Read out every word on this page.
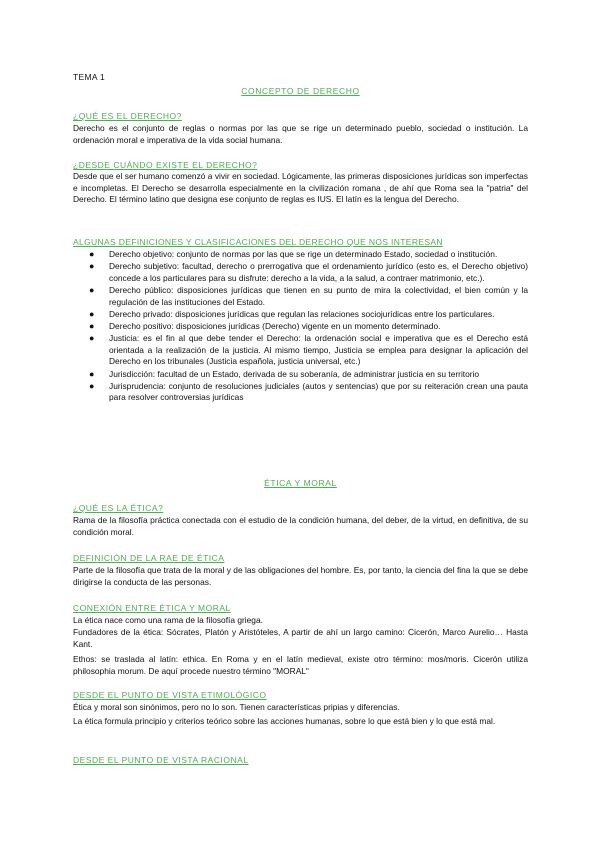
TEMA 1
CONCEPTO DE DERECHO
¿QUÉ ES EL DERECHO?

Derecho es el conjunto de reglas o normas por las que se rige un determinado pueblo, sociedad o institución. La ordenación moral e imperativa de la vida social humana.

¿DESDE CUÁNDO EXISTE EL DERECHO?

Desde que el ser humano comenzó a vivir en sociedad. Lógicamente, las primeras disposiciones jurídicas son imperfectas e incompletas. El Derecho se desarrolla especialmente en la civilización romana , de ahí que Roma sea la "patria" del Derecho. El término latino que designa ese conjunto de reglas es IUS. El latín es la lengua del Derecho.

ALGUNAS DEFINICIONES Y CLASIFICACIONES DEL DERECHO QUE NOS INTERESAN
● Derecho objetivo: conjunto de normas por las que se rige un determinado Estado, sociedad o institución.
● Derecho subjetivo: facultad, derecho o prerrogativa que el ordenamiento jurídico (esto es, el Derecho objetivo) concede a los particulares para su disfrute: derecho a la vida, a la salud, a contraer matrimonio, etc.).
● Derecho público: disposiciones jurídicas que tienen en su punto de mira la colectividad, el bien común y la regulación de las instituciones del Estado.
● Derecho privado: disposiciones jurídicas que regulan las relaciones sociojurídicas entre los particulares.
● Derecho positivo: disposiciones jurídicas (Derecho) vigente en un momento determinado.
● Justicia: es el fin al que debe tender el Derecho: la ordenación social e imperativa que es el Derecho está orientada a la realización de la justicia. Al mismo tiempo, Justicia se emplea para designar la aplicación del Derecho en los tribunales (Justicia española, justicia universal, etc.)
● Jurisdicción: facultad de un Estado, derivada de su soberanía, de administrar justicia en su territorio
● Jurisprudencia: conjunto de resoluciones judiciales (autos y sentencias) que por su reiteración crean una pauta para resolver controversias jurídicas
ÉTICA Y MORAL
¿QUÉ ES LA ÉTICA?

Rama de la filosofía práctica conectada con el estudio de la condición humana, del deber, de la virtud, en definitiva, de su condición moral.

DEFINICIÓN DE LA RAE DE ÉTICA

Parte de la filosofía que trata de la moral y de las obligaciones del hombre. Es, por tanto, la ciencia del fina la que se debe dirigirse la conducta de las personas.

CONEXIÓN ENTRE ÉTICA Y MORAL

La ética nace como una rama de la filosofía griega.

Fundadores de la ética: Sócrates, Platón y Aristóteles, A partir de ahí un largo camino: Cicerón, Marco Aurelio… Hasta Kant.

Ethos: se traslada al latín: ethica. En Roma y en el latín medieval, existe otro término: mos/moris. Cicerón utiliza philosophia morum. De aquí procede nuestro término "MORAL"

DESDE EL PUNTO DE VISTA ETIMOLÓGICO

Ética y moral son sinónimos, pero no lo son. Tienen características pripias y diferencias.

La ética formula principio y criterios teórico sobre las acciones humanas, sobre lo que está bien y lo que está mal.

DESDE EL PUNTO DE VISTA RACIONAL
